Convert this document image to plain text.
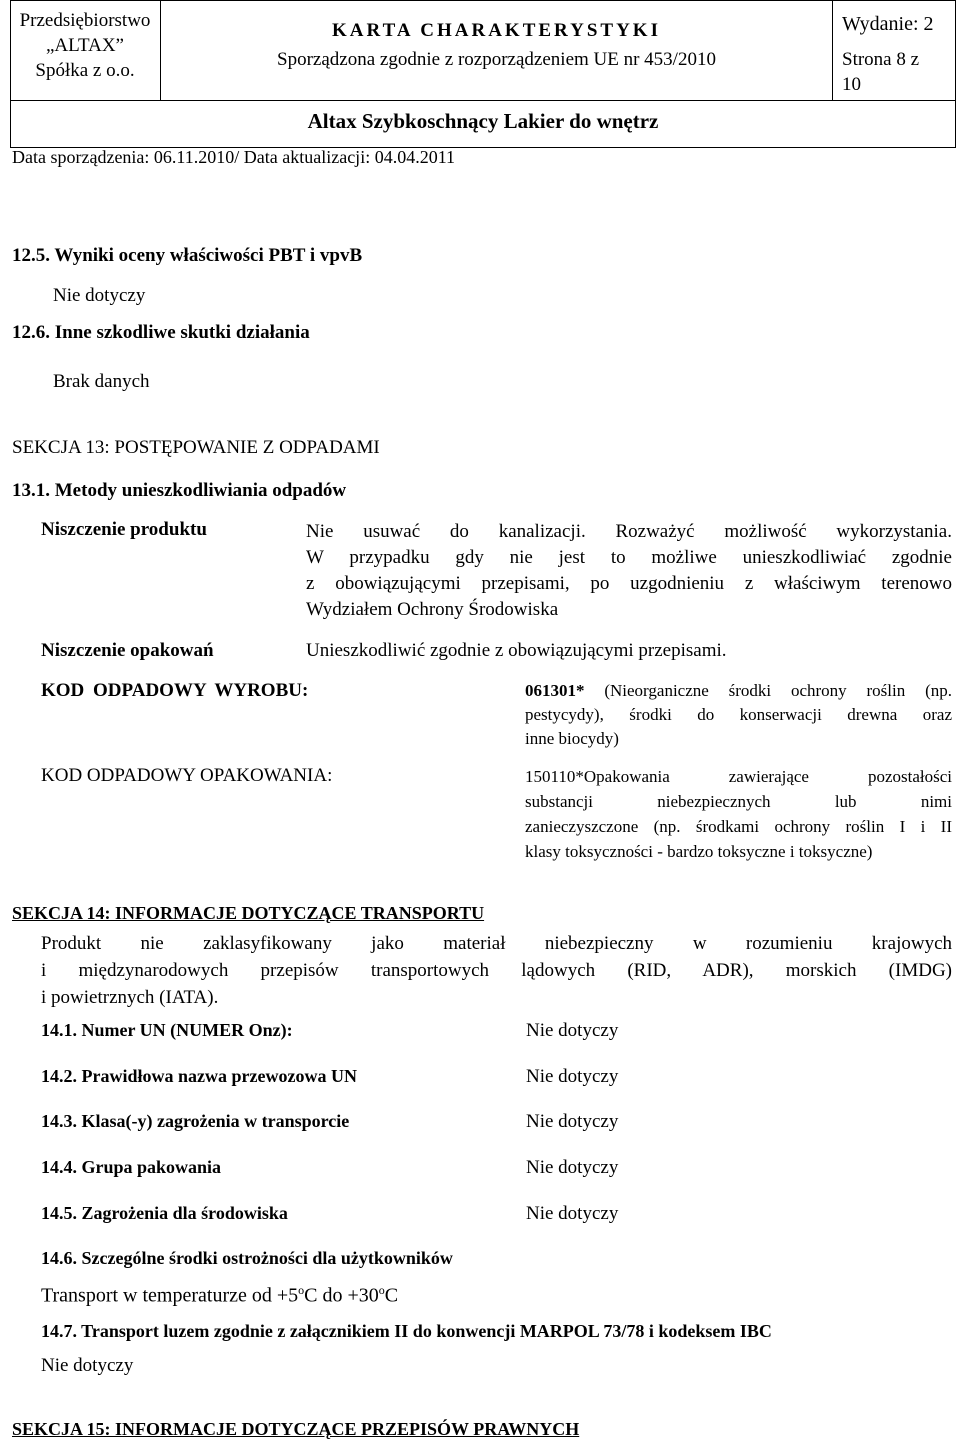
Przedsiębiorstwo
„ALTAX”
Spółka z o.o.
KARTA CHARAKTERYSTYKI
Sporządzona zgodnie z rozporządzeniem UE nr 453/2010
Wydanie: 2
Strona 8 z
10
Altax Szybkoschnący Lakier do wnętrz
Data sporządzenia: 06.11.2010/ Data aktualizacji: 04.04.2011
12.5. Wyniki oceny właściwości PBT i vpvB
Nie dotyczy
12.6. Inne szkodliwe skutki działania
Brak danych
SEKCJA 13: POSTĘPOWANIE Z ODPADAMI
13.1. Metody unieszkodliwiania odpadów
Niszczenie produktu	Nie usuwać do kanalizacji. Rozważyć możliwość wykorzystania.
W przypadku gdy nie jest to możliwe unieszkodliwiać zgodnie
z obowiązującymi przepisami, po uzgodnieniu z właściwym terenowo
Wydziałem Ochrony Środowiska
Niszczenie opakowań	Unieszkodliwić zgodnie z obowiązującymi przepisami.
KOD ODPADOWY WYROBU:	061301* (Nieorganiczne środki ochrony roślin (np.
pestycydy), środki do konserwacji drewna oraz
inne biocydy)
KOD ODPADOWY OPAKOWANIA:	150110*Opakowania zawierające pozostałości
substancji niebezpiecznych lub nimi
zanieczyszczone (np. środkami ochrony roślin I i II
klasy toksyczności - bardzo toksyczne i toksyczne)
SEKCJA 14: INFORMACJE DOTYCZĄCE TRANSPORTU
Produkt nie zaklasyfikowany jako materiał niebezpieczny w rozumieniu krajowych
i międzynarodowych przepisów transportowych lądowych (RID, ADR), morskich (IMDG)
i powietrznych (IATA).
14.1. Numer UN (NUMER Onz):	Nie dotyczy
14.2. Prawidłowa nazwa przewozowa UN	Nie dotyczy
14.3. Klasa(-y) zagrożenia w transporcie	Nie dotyczy
14.4. Grupa pakowania	Nie dotyczy
14.5. Zagrożenia dla środowiska	Nie dotyczy
14.6. Szczególne środki ostrożności dla użytkowników
Transport w temperaturze od $+5^oC$ do $+30^oC$
14.7. Transport luzem zgodnie z załącznikiem II do konwencji MARPOL 73/78 i kodeksem IBC
Nie dotyczy
SEKCJA 15: INFORMACJE DOTYCZĄCE PRZEPISÓW PRAWNYCH
